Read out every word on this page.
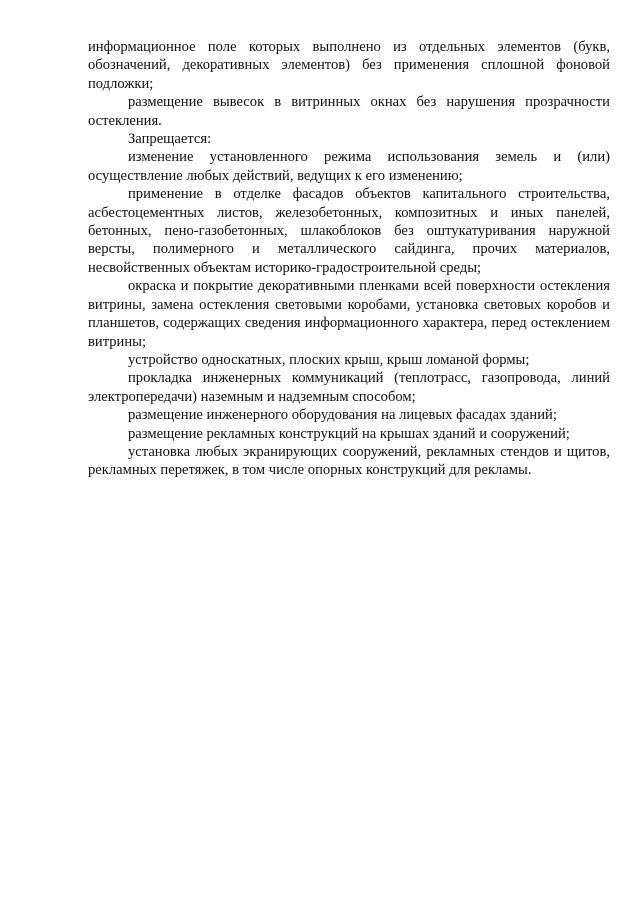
информационное поле которых выполнено из отдельных элементов (букв, обозначений, декоративных элементов) без применения сплошной фоновой подложки;

размещение вывесок в витринных окнах без нарушения прозрачности остекления.

Запрещается:

изменение установленного режима использования земель и (или) осуществление любых действий, ведущих к его изменению;

применение в отделке фасадов объектов капитального строительства, асбестоцементных листов, железобетонных, композитных и иных панелей, бетонных, пено-газобетонных, шлакоблоков без оштукатуривания наружной версты, полимерного и металлического сайдинга, прочих материалов, несвойственных объектам историко-градостроительной среды;

окраска и покрытие декоративными пленками всей поверхности остекления витрины, замена остекления световыми коробами, установка световых коробов и планшетов, содержащих сведения информационного характера, перед остеклением витрины;

устройство односкатных, плоских крыш, крыш ломаной формы;

прокладка инженерных коммуникаций (теплотрасс, газопровода, линий электропередачи) наземным и надземным способом;

размещение инженерного оборудования на лицевых фасадах зданий;

размещение рекламных конструкций на крышах зданий и сооружений;

установка любых экранирующих сооружений, рекламных стендов и щитов, рекламных перетяжек, в том числе опорных конструкций для рекламы.
